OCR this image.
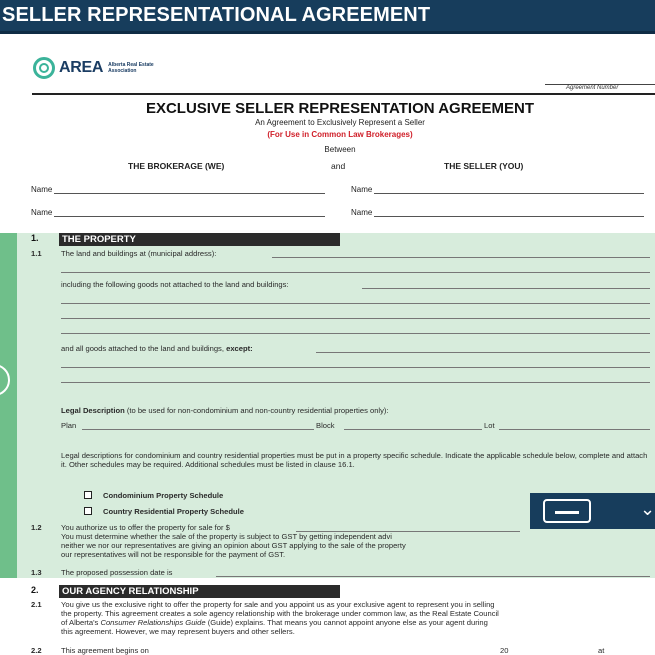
SELLER REPRESENTATIONAL AGREEMENT
AREA Alberta Real Estate
Association
Agreement Number
EXCLUSIVE SELLER REPRESENTATION AGREEMENT
An Agreement to Exclusively Represent a Seller
(For Use in Common Law Brokerages)
Between
THE BROKERAGE (WE)	and	THE SELLER (YOU)
Name	Name
Name	Name
1.	THE PROPERTY
1.1	The land and buildings at (municipal address):
including the following goods not attached to the land and buildings:
and all goods attached to the land and buildings, except:
Legal Description (to be used for non-condominium and non-country residential properties only):
Plan	Block	Lot
Legal descriptions for condominium and country residential properties must be put in a property specific schedule. Indicate the applicable schedule below, complete and attach it. Other schedules may be required. Additional schedules must be listed in clause 16.1.
Condominium Property Schedule
Country Residential Property Schedule
1.2	You authorize us to offer the property for sale for $
You must determine whether the sale of the property is subject to GST by getting independent advi
neither we nor our representatives are giving an opinion about GST applying to the sale of the property
our representatives will not be responsible for the payment of GST.
1.3	The proposed possession date is
2.	OUR AGENCY RELATIONSHIP
2.1	You give us the exclusive right to offer the property for sale and you appoint us as your exclusive agent to represent you in selling
the property. This agreement creates a sole agency relationship with the brokerage under common law, as the Real Estate Council
of Alberta's Consumer Relationships Guide (Guide) explains. That means you cannot appoint anyone else as your agent during
this agreement. However, we may represent buyers and other sellers.
2.2	This agreement begins on	20	at
⌄
